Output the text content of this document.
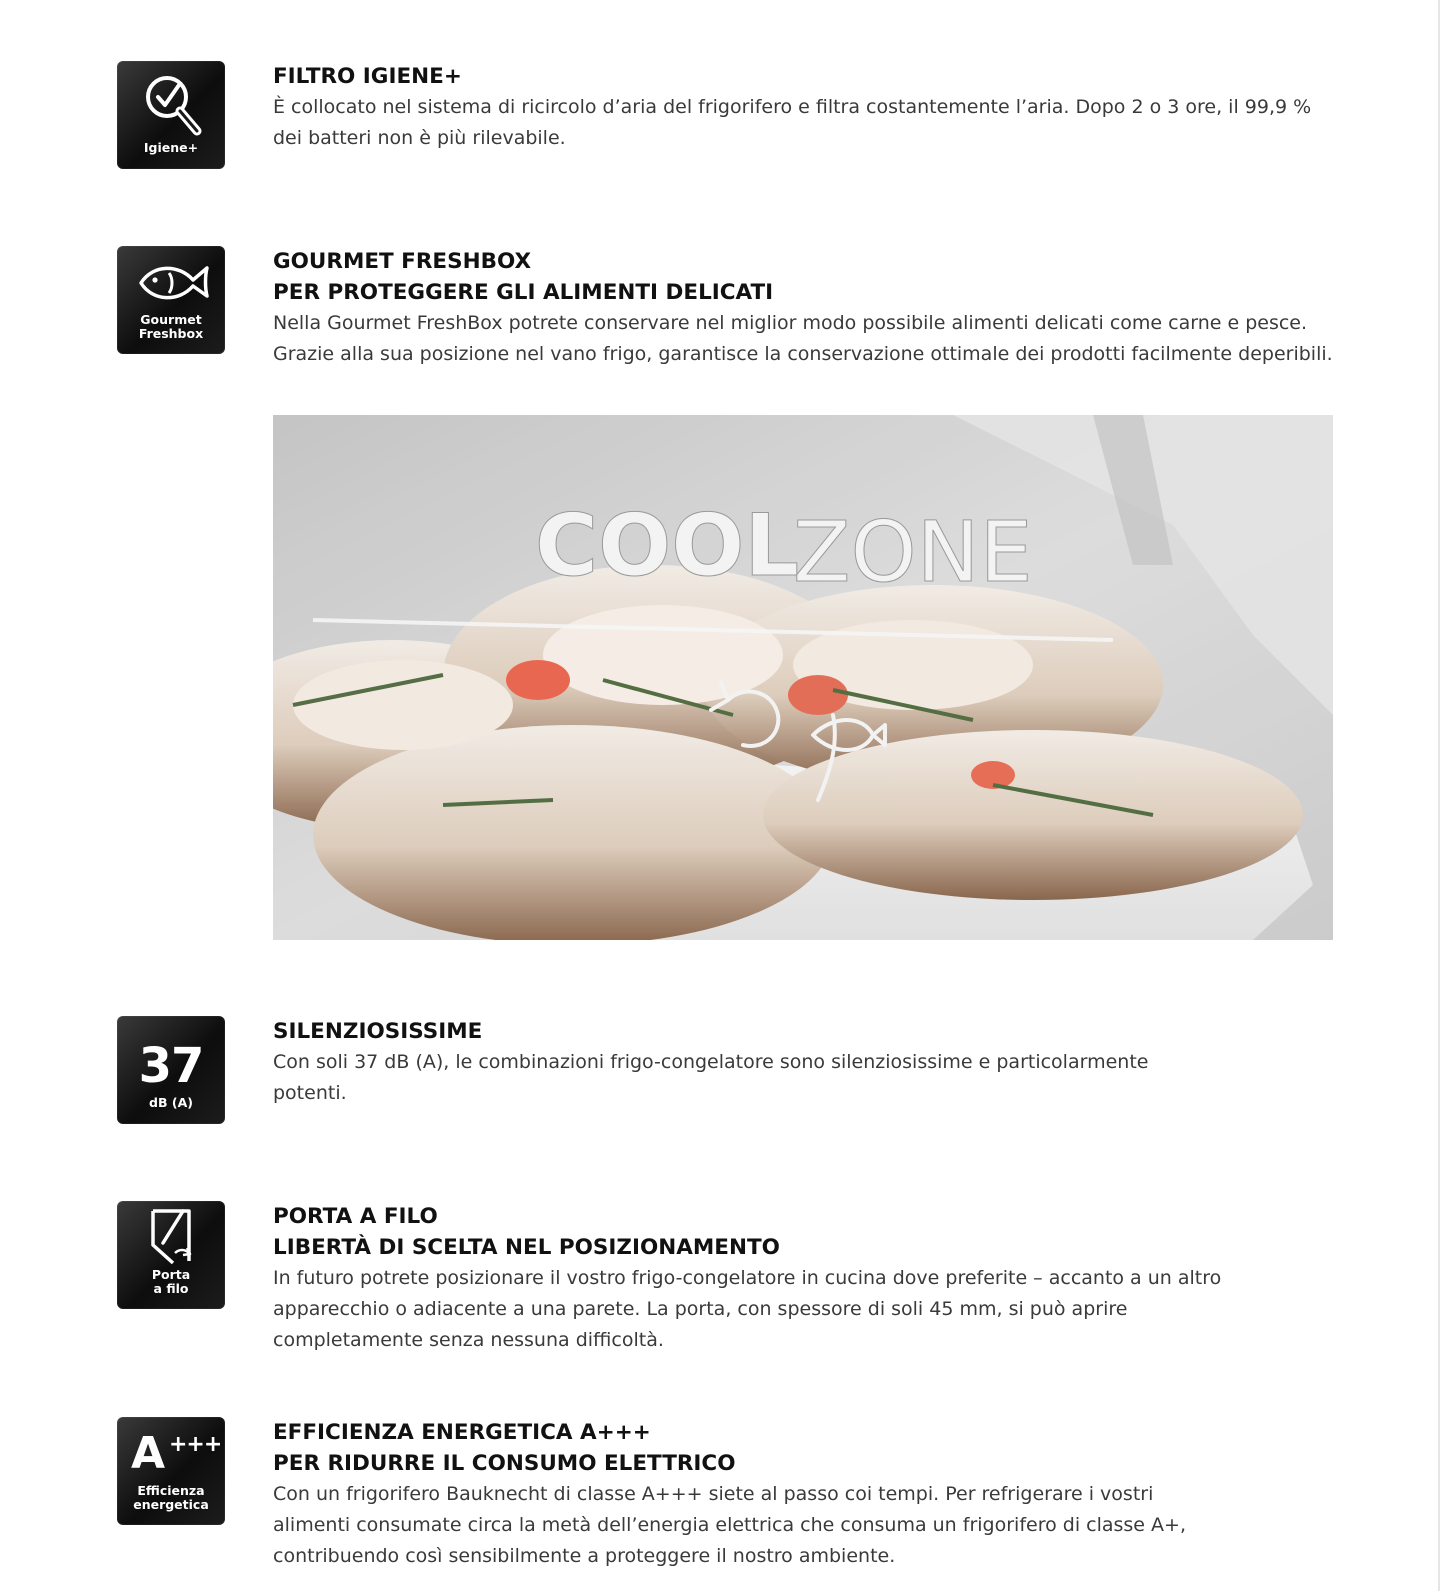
Igiene+
FILTRO IGIENE+

È collocato nel sistema di ricircolo d’aria del frigorifero e filtra costantemente l’aria. Dopo 2 o 3 ore, il 99,9 % dei batteri non è più rilevabile.

Gourmet
Freshbox
GOURMET FRESHBOX
PER PROTEGGERE GLI ALIMENTI DELICATI

Nella Gourmet FreshBox potrete conservare nel miglior modo possibile alimenti delicati come carne e pesce. Grazie alla sua posizione nel vano frigo, garantisce la conservazione ottimale dei prodotti facilmente deperibili.

COOL
ZONE
37
dB (A)
SILENZIOSISSIME

Con soli 37 dB (A), le combinazioni frigo-congelatore sono silenziosissime e particolarmente potenti.

Porta
a filo
PORTA A FILO
LIBERTÀ DI SCELTA NEL POSIZIONAMENTO

In futuro potrete posizionare il vostro frigo-congelatore in cucina dove preferite – accanto a un altro apparecchio o adiacente a una parete. La porta, con spessore di soli 45 mm, si può aprire completamente senza nessuna difficoltà.

A +++
Efficienza
energetica
EFFICIENZA ENERGETICA A+++
PER RIDURRE IL CONSUMO ELETTRICO

Con un frigorifero Bauknecht di classe A+++ siete al passo coi tempi. Per refrigerare i vostri alimenti consumate circa la metà dell’energia elettrica che consuma un frigorifero di classe A+, contribuendo così sensibilmente a proteggere il nostro ambiente.
